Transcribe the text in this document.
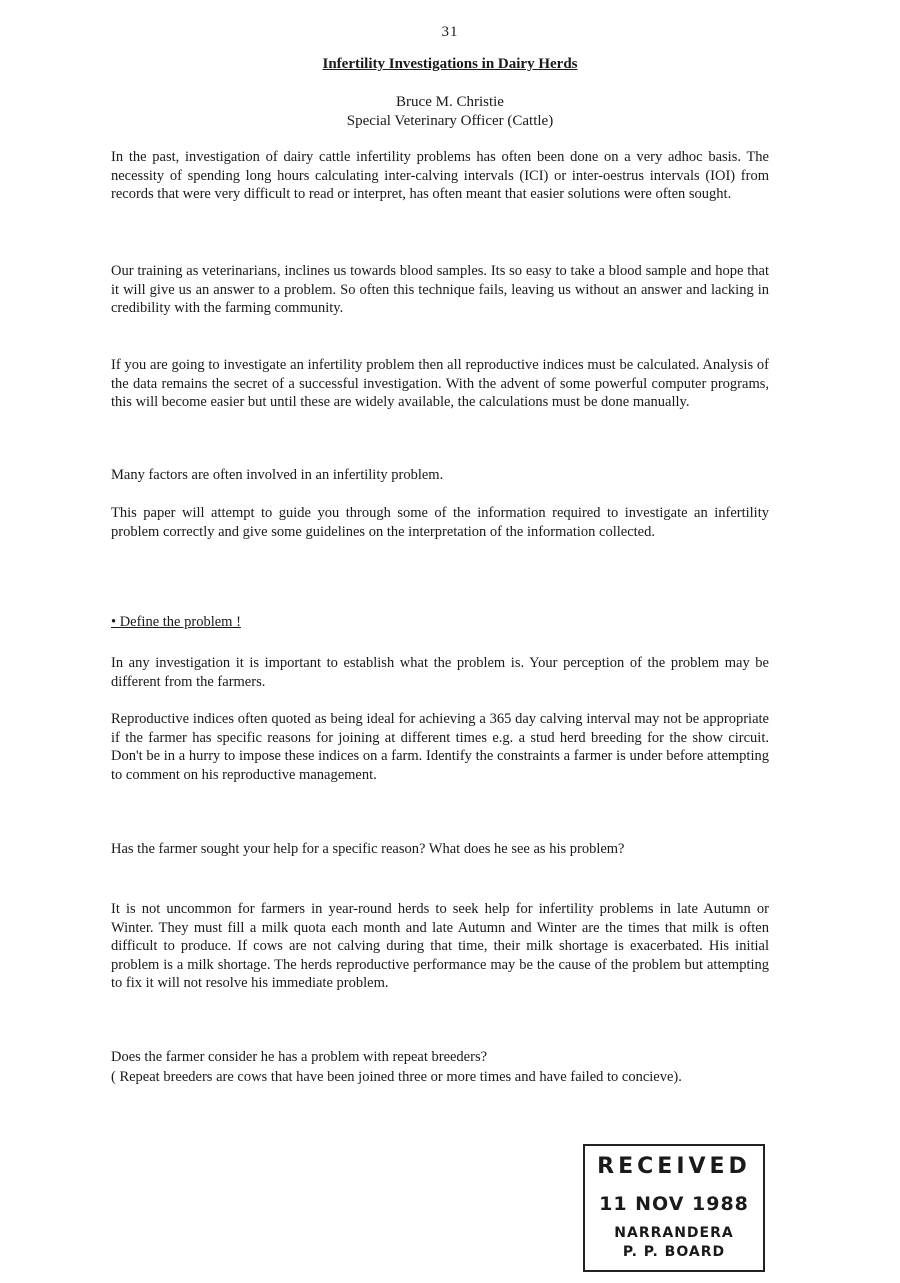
31
Infertility Investigations in Dairy Herds
Bruce M. Christie
Special Veterinary Officer (Cattle)

In the past, investigation of dairy cattle infertility problems has often been done on a very adhoc basis. The necessity of spending long hours calculating inter-calving intervals (ICI) or inter-oestrus intervals (IOI) from records that were very difficult to read or interpret, has often meant that easier solutions were often sought.

Our training as veterinarians, inclines us towards blood samples. Its so easy to take a blood sample and hope that it will give us an answer to a problem. So often this technique fails, leaving us without an answer and lacking in credibility with the farming community.

If you are going to investigate an infertility problem then all reproductive indices must be calculated. Analysis of the data remains the secret of a successful investigation. With the advent of some powerful computer programs, this will become easier but until these are widely available, the calculations must be done manually.

Many factors are often involved in an infertility problem.

This paper will attempt to guide you through some of the information required to investigate an infertility problem correctly and give some guidelines on the interpretation of the information collected.

• Define the problem !

In any investigation it is important to establish what the problem is. Your perception of the problem may be different from the farmers.

Reproductive indices often quoted as being ideal for achieving a 365 day calving interval may not be appropriate if the farmer has specific reasons for joining at different times e.g. a stud herd breeding for the show circuit. Don't be in a hurry to impose these indices on a farm. Identify the constraints a farmer is under before attempting to comment on his reproductive management.

Has the farmer sought your help for a specific reason? What does he see as his problem?

It is not uncommon for farmers in year-round herds to seek help for infertility problems in late Autumn or Winter. They must fill a milk quota each month and late Autumn and Winter are the times that milk is often difficult to produce. If cows are not calving during that time, their milk shortage is exacerbated. His initial problem is a milk shortage. The herds reproductive performance may be the cause of the problem but attempting to fix it will not resolve his immediate problem.

Does the farmer consider he has a problem with repeat breeders?

( Repeat breeders are cows that have been joined three or more times and have failed to concieve).

RECEIVED
11 NOV 1988
NARRANDERA
P. P. BOARD
